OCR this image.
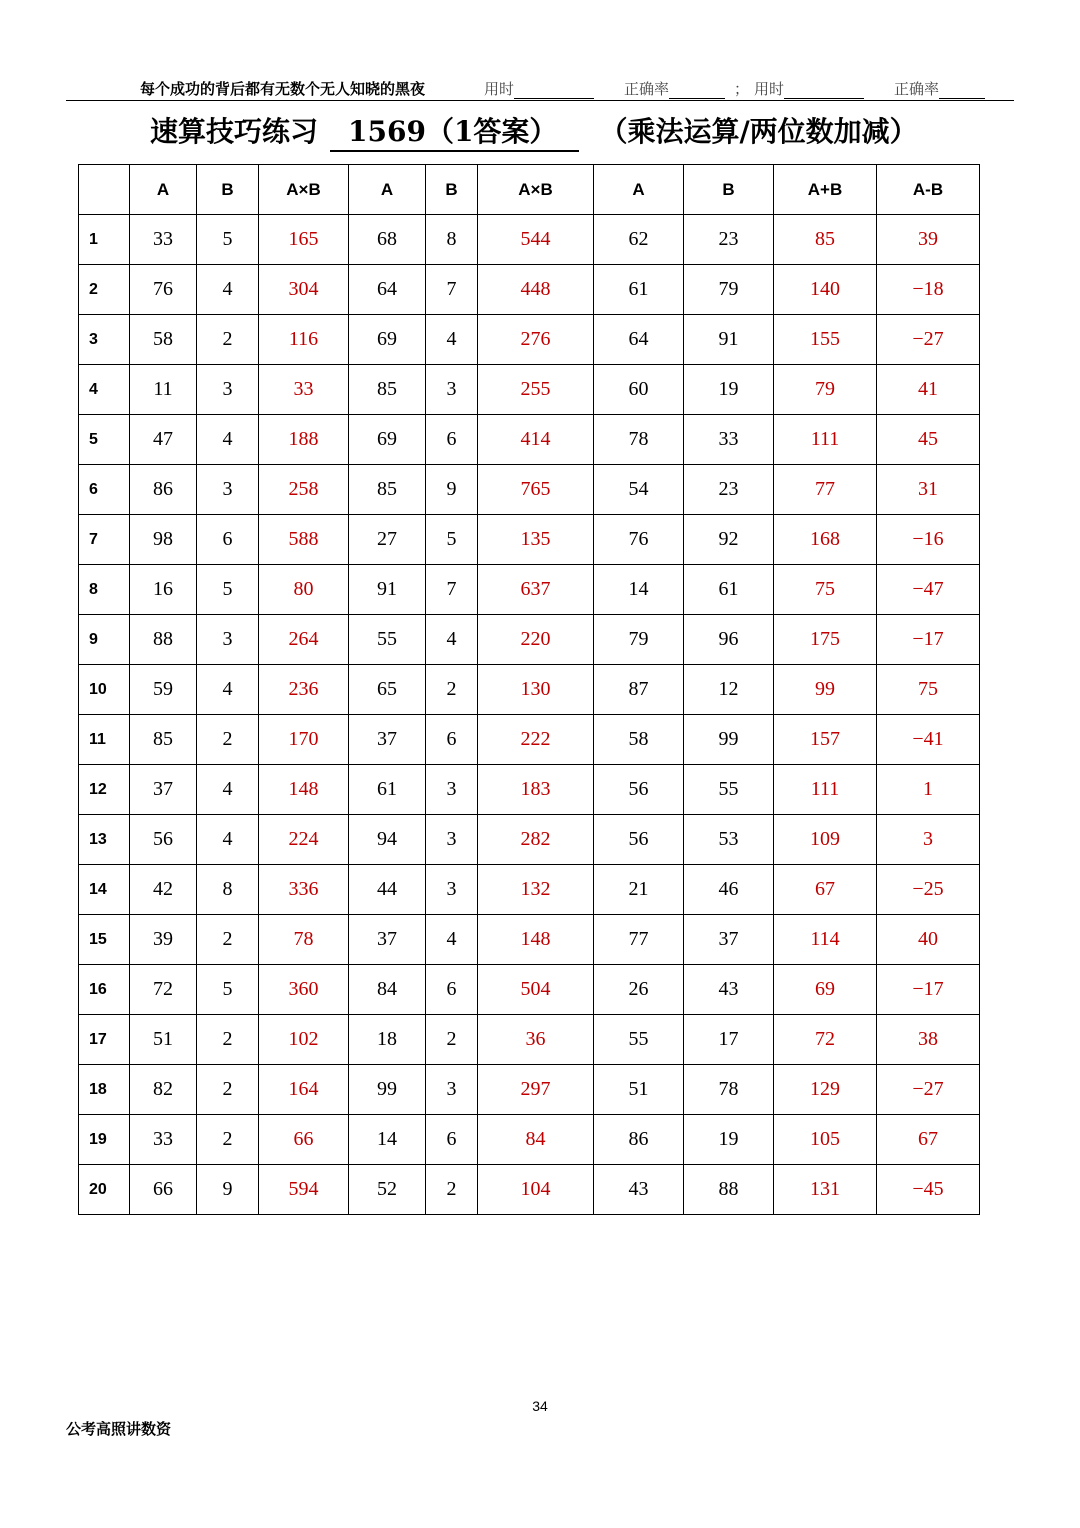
每个成功的背后都有无数个无人知晓的黑夜	用时	正确率	； 用时	正确率
速算技巧练习 1569（1答案） （乘法运算/两位数加减）
	A	B	A×B	A	B	A×B	A	B	A+B	A-B
1	33	5	165	68	8	544	62	23	85	39
2	76	4	304	64	7	448	61	79	140	−18
3	58	2	116	69	4	276	64	91	155	−27
4	11	3	33	85	3	255	60	19	79	41
5	47	4	188	69	6	414	78	33	111	45
6	86	3	258	85	9	765	54	23	77	31
7	98	6	588	27	5	135	76	92	168	−16
8	16	5	80	91	7	637	14	61	75	−47
9	88	3	264	55	4	220	79	96	175	−17
10	59	4	236	65	2	130	87	12	99	75
11	85	2	170	37	6	222	58	99	157	−41
12	37	4	148	61	3	183	56	55	111	1
13	56	4	224	94	3	282	56	53	109	3
14	42	8	336	44	3	132	21	46	67	−25
15	39	2	78	37	4	148	77	37	114	40
16	72	5	360	84	6	504	26	43	69	−17
17	51	2	102	18	2	36	55	17	72	38
18	82	2	164	99	3	297	51	78	129	−27
19	33	2	66	14	6	84	86	19	105	67
20	66	9	594	52	2	104	43	88	131	−45
34
公考高照讲数资
